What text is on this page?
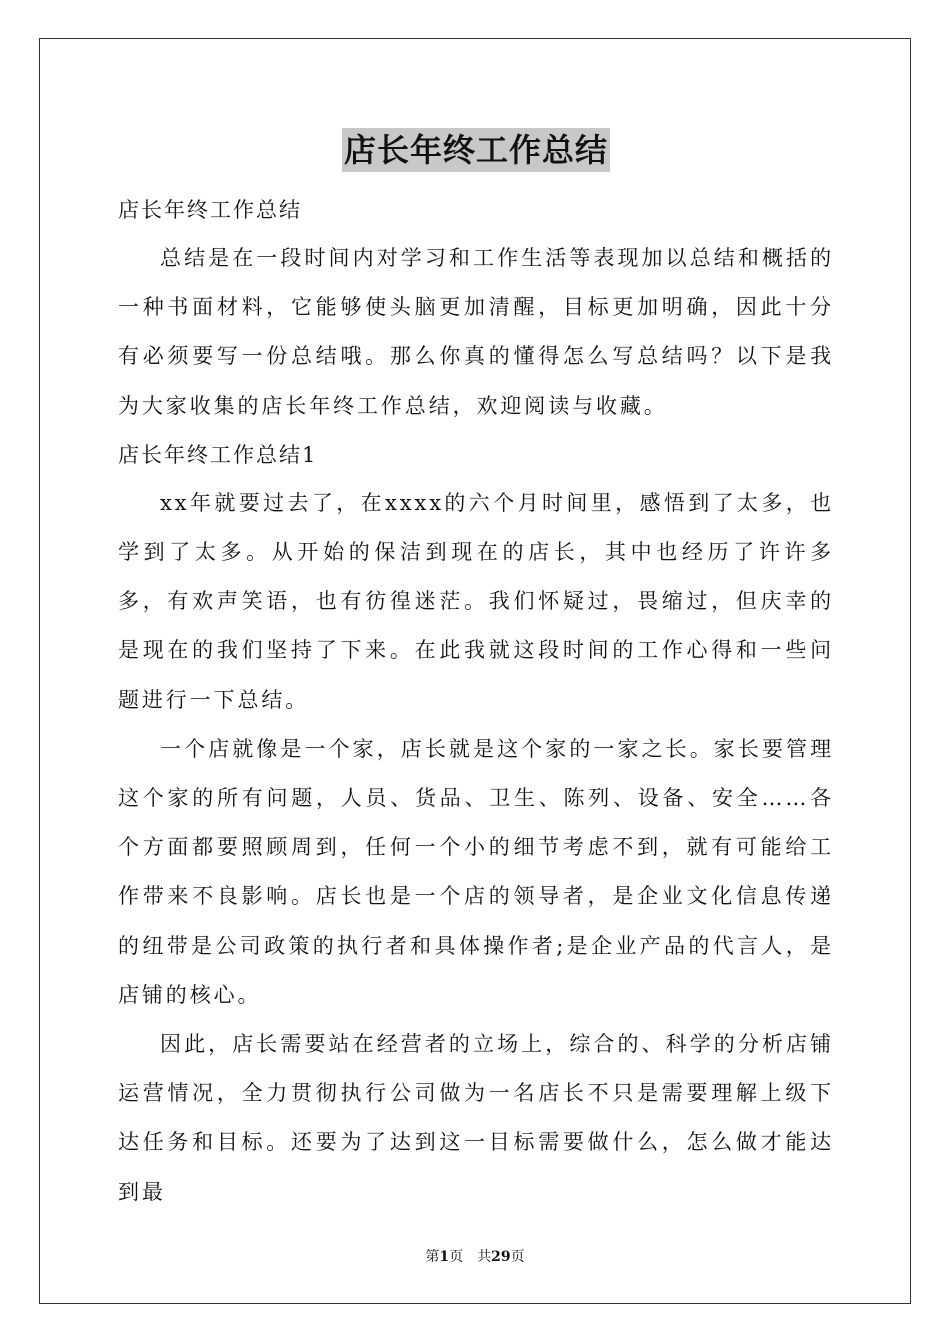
店长年终工作总结

店长年终工作总结

总结是在一段时间内对学习和工作生活等表现加以总结和概括的一种书面材料，它能够使头脑更加清醒，目标更加明确，因此十分有必须要写一份总结哦。那么你真的懂得怎么写总结吗？以下是我为大家收集的店长年终工作总结，欢迎阅读与收藏。

店长年终工作总结1

xx年就要过去了，在xxxx的六个月时间里，感悟到了太多，也学到了太多。从开始的保洁到现在的店长，其中也经历了许许多多，有欢声笑语，也有彷徨迷茫。我们怀疑过，畏缩过，但庆幸的是现在的我们坚持了下来。在此我就这段时间的工作心得和一些问题进行一下总结。

一个店就像是一个家，店长就是这个家的一家之长。家长要管理这个家的所有问题，人员、货品、卫生、陈列、设备、安全……各个方面都要照顾周到，任何一个小的细节考虑不到，就有可能给工作带来不良影响。店长也是一个店的领导者，是企业文化信息传递的纽带是公司政策的执行者和具体操作者;是企业产品的代言人，是店铺的核心。

因此，店长需要站在经营者的立场上，综合的、科学的分析店铺运营情况，全力贯彻执行公司做为一名店长不只是需要理解上级下达任务和目标。还要为了达到这一目标需要做什么，怎么做才能达到最

第1页　共29页
